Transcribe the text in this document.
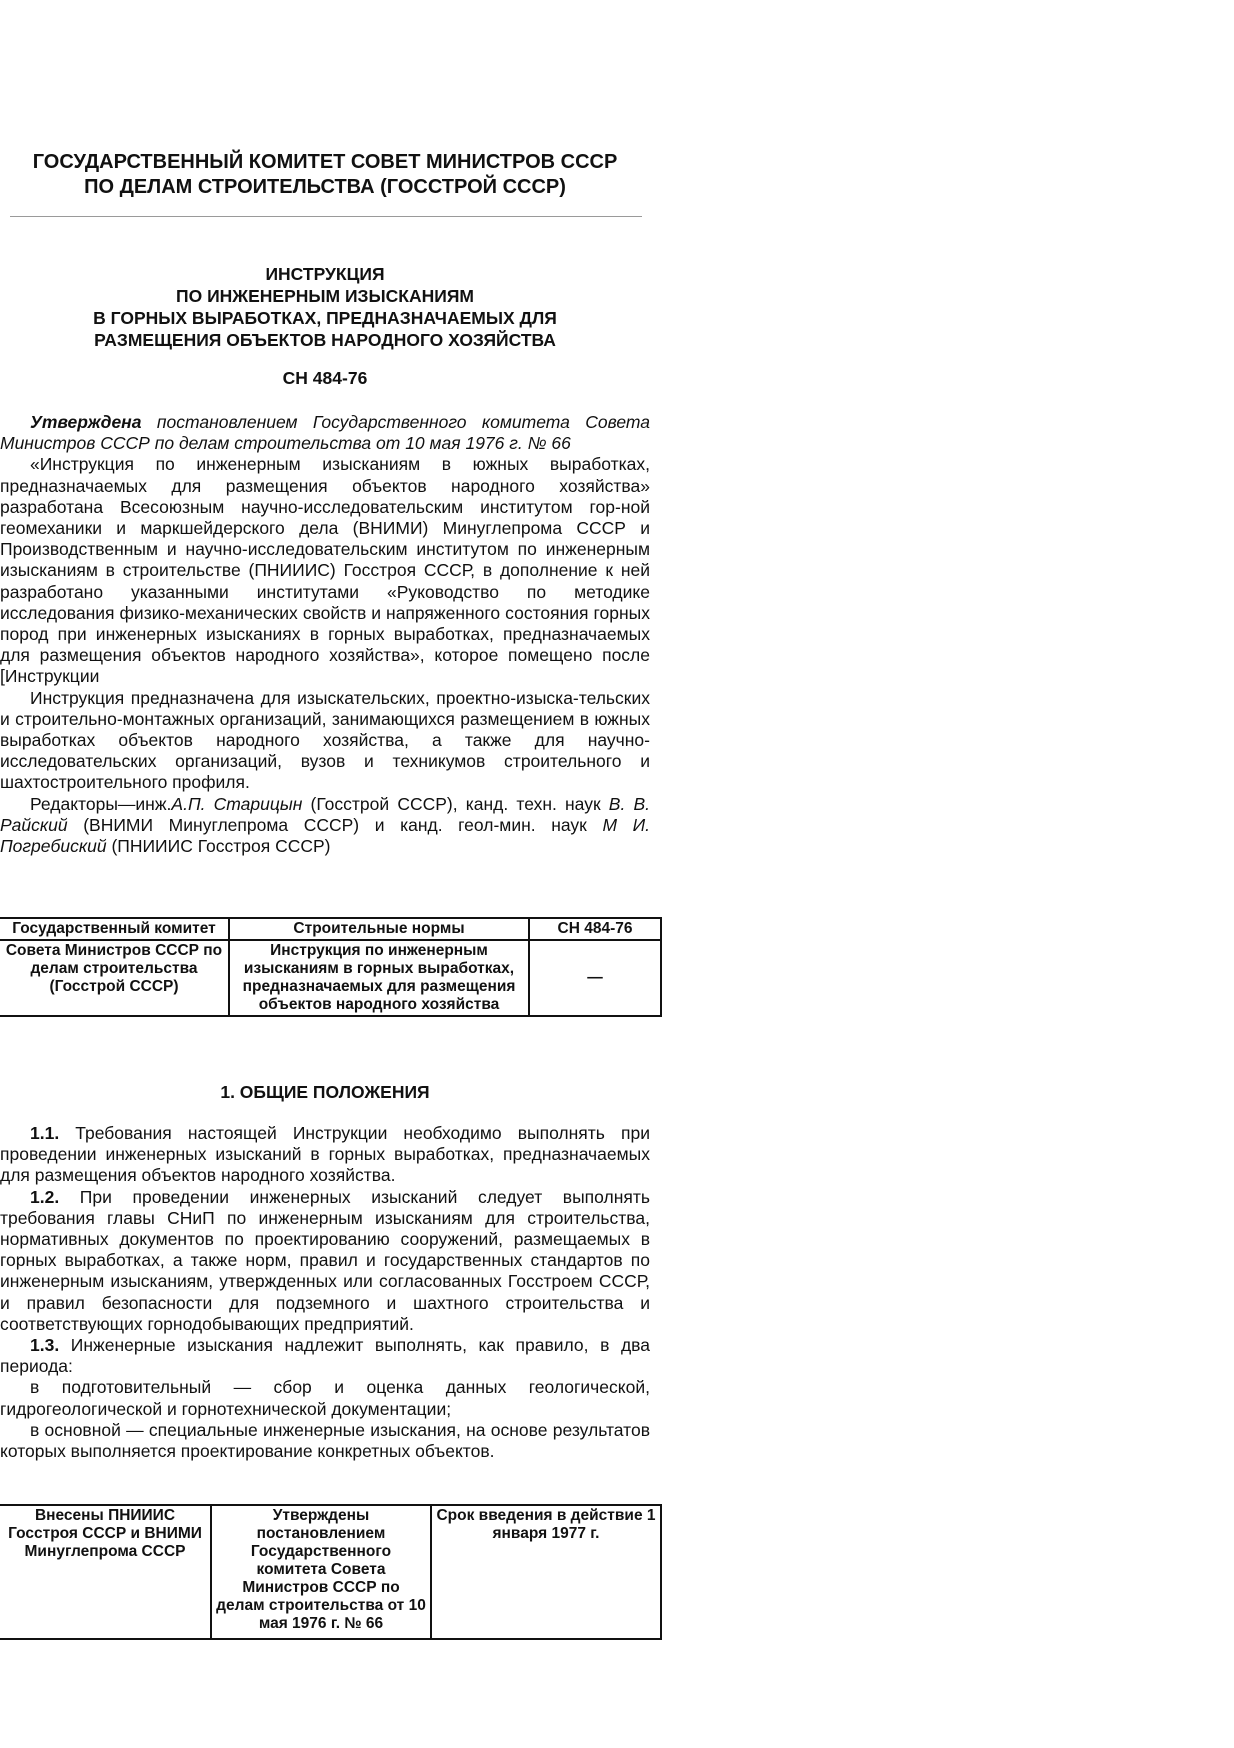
ГОСУДАРСТВЕННЫЙ КОМИТЕТ СОВЕТ МИНИСТРОВ СССР
ПО ДЕЛАМ СТРОИТЕЛЬСТВА (ГОССТРОЙ СССР)
ИНСТРУКЦИЯ
ПО ИНЖЕНЕРНЫМ ИЗЫСКАНИЯМ
В ГОРНЫХ ВЫРАБОТКАХ, ПРЕДНАЗНАЧАЕМЫХ ДЛЯ
РАЗМЕЩЕНИЯ ОБЪЕКТОВ НАРОДНОГО ХОЗЯЙСТВА
СН 484-76

Утверждена постановлением Государственного комитета Совета Министров СССР по делам строительства от 10 мая 1976 г. № 66

«Инструкция по инженерным изысканиям в южных выработках, предназначаемых для размещения объектов народного хозяйства» разработана Всесоюзным научно-исследовательским институтом гор-ной геомеханики и маркшейдерского дела (ВНИМИ) Минуглепрома СССР и Производственным и научно-исследовательским институтом по инженерным изысканиям в строительстве (ПНИИИС) Госстроя СССР, в дополнение к ней разработано указанными институтами «Руководство по методике исследования физико-механических свойств и напряженного состояния горных пород при инженерных изысканиях в горных выработках, предназначаемых для размещения объектов народного хозяйства», которое помещено после [Инструкции

Инструкция предназначена для изыскательских, проектно-изыска-тельских и строительно-монтажных организаций, занимающихся размещением в южных выработках объектов народного хозяйства, а также для научно-исследовательских организаций, вузов и техникумов строительного и шахтостроительного профиля.

Редакторы—инж.А.П. Старицын (Госстрой СССР), канд. техн. наук В. В. Райский (ВНИМИ Минуглепрома СССР) и канд. геол-мин. наук М И. Погребиский (ПНИИИС Госстроя СССР)

Государственный комитет	Строительные нормы	СН 484-76
Совета Министров СССР по делам строительства (Госстрой СССР)	Инструкция по инженерным изысканиям в горных выработках, предназначаемых для размещения объектов народного хозяйства	—
1. ОБЩИЕ ПОЛОЖЕНИЯ

1.1. Требования настоящей Инструкции необходимо выполнять при проведении инженерных изысканий в горных выработках, предназначаемых для размещения объектов народного хозяйства.

1.2. При проведении инженерных изысканий следует выполнять требования главы СНиП по инженерным изысканиям для строительства, нормативных документов по проектированию сооружений, размещаемых в горных выработках, а также норм, правил и государственных стандартов по инженерным изысканиям, утвержденных или согласованных Госстроем СССР, и правил безопасности для подземного и шахтного строительства и соответствующих горнодобывающих предприятий.

1.3. Инженерные изыскания надлежит выполнять, как правило, в два периода:

в подготовительный — сбор и оценка данных геологической, гидрогеологической и горнотехнической документации;

в основной — специальные инженерные изыскания, на основе результатов которых выполняется проектирование конкретных объектов.

Внесены ПНИИИС Госстроя СССР и ВНИМИ Минуглепрома СССР	Утверждены постановлением Государственного комитета Совета Министров СССР по делам строительства от 10 мая 1976 г. № 66	Срок введения в действие 1 января 1977 г.
